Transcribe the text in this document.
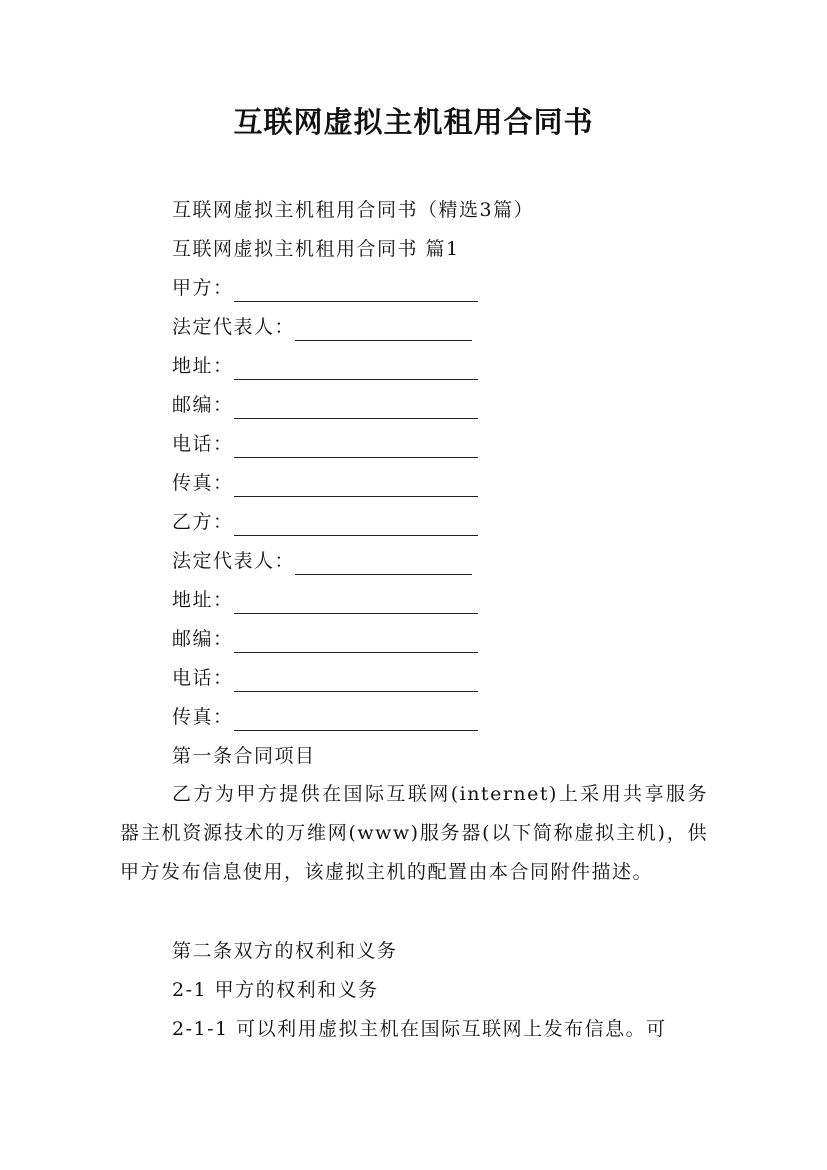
互联网虚拟主机租用合同书
互联网虚拟主机租用合同书（精选3篇）
互联网虚拟主机租用合同书 篇1
甲方：
法定代表人：
地址：
邮编：
电话：
传真：
乙方：
法定代表人：
地址：
邮编：
电话：
传真：
第一条合同项目
乙方为甲方提供在国际互联网(internet)上采用共享服务器主机资源技术的万维网(www)服务器(以下简称虚拟主机)，供甲方发布信息使用，该虚拟主机的配置由本合同附件描述。
第二条双方的权利和义务
2-1 甲方的权利和义务
2-1-1 可以利用虚拟主机在国际互联网上发布信息。可
